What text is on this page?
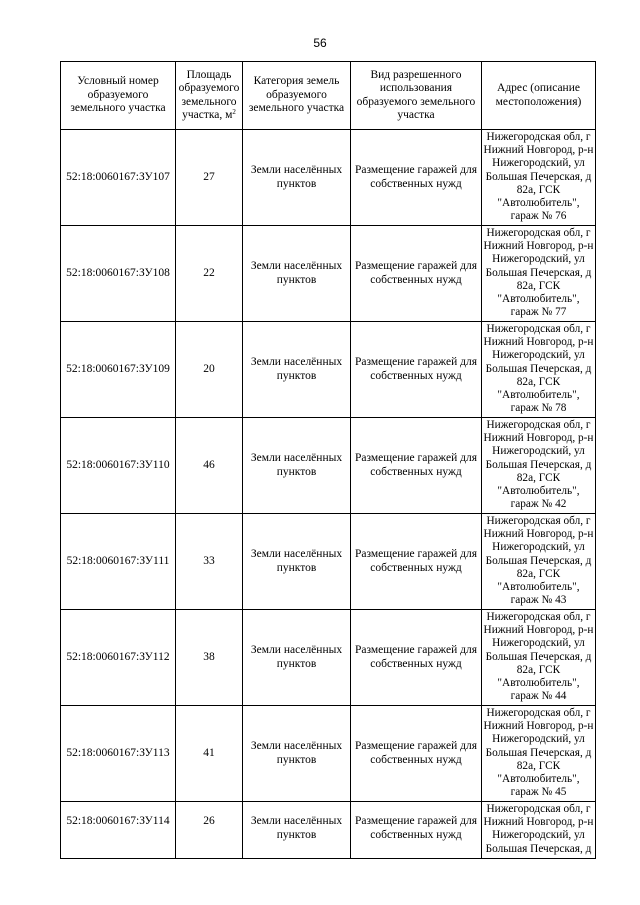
56
Условный номер образуемого земельного участка	Площадь образуемого земельного участка, $м^2$	Категория земель образуемого земельного участка	Вид разрешенного использования образуемого земельного участка	Адрес (описание местоположения)
52:18:0060167:ЗУ107	27	Земли населённых пунктов	Размещение гаражей для собственных нужд	Нижегородская обл, г Нижний Новгород, р-н Нижегородский, ул Большая Печерская, д 82а, ГСК "Автолюбитель", гараж № 76
52:18:0060167:ЗУ108	22	Земли населённых пунктов	Размещение гаражей для собственных нужд	Нижегородская обл, г Нижний Новгород, р-н Нижегородский, ул Большая Печерская, д 82а, ГСК "Автолюбитель", гараж № 77
52:18:0060167:ЗУ109	20	Земли населённых пунктов	Размещение гаражей для собственных нужд	Нижегородская обл, г Нижний Новгород, р-н Нижегородский, ул Большая Печерская, д 82а, ГСК "Автолюбитель", гараж № 78
52:18:0060167:ЗУ110	46	Земли населённых пунктов	Размещение гаражей для собственных нужд	Нижегородская обл, г Нижний Новгород, р-н Нижегородский, ул Большая Печерская, д 82а, ГСК "Автолюбитель", гараж № 42
52:18:0060167:ЗУ111	33	Земли населённых пунктов	Размещение гаражей для собственных нужд	Нижегородская обл, г Нижний Новгород, р-н Нижегородский, ул Большая Печерская, д 82а, ГСК "Автолюбитель", гараж № 43
52:18:0060167:ЗУ112	38	Земли населённых пунктов	Размещение гаражей для собственных нужд	Нижегородская обл, г Нижний Новгород, р-н Нижегородский, ул Большая Печерская, д 82а, ГСК "Автолюбитель", гараж № 44
52:18:0060167:ЗУ113	41	Земли населённых пунктов	Размещение гаражей для собственных нужд	Нижегородская обл, г Нижний Новгород, р-н Нижегородский, ул Большая Печерская, д 82а, ГСК "Автолюбитель", гараж № 45
52:18:0060167:ЗУ114	26	Земли населённых пунктов	Размещение гаражей для собственных нужд	Нижегородская обл, г Нижний Новгород, р-н Нижегородский, ул Большая Печерская, д
